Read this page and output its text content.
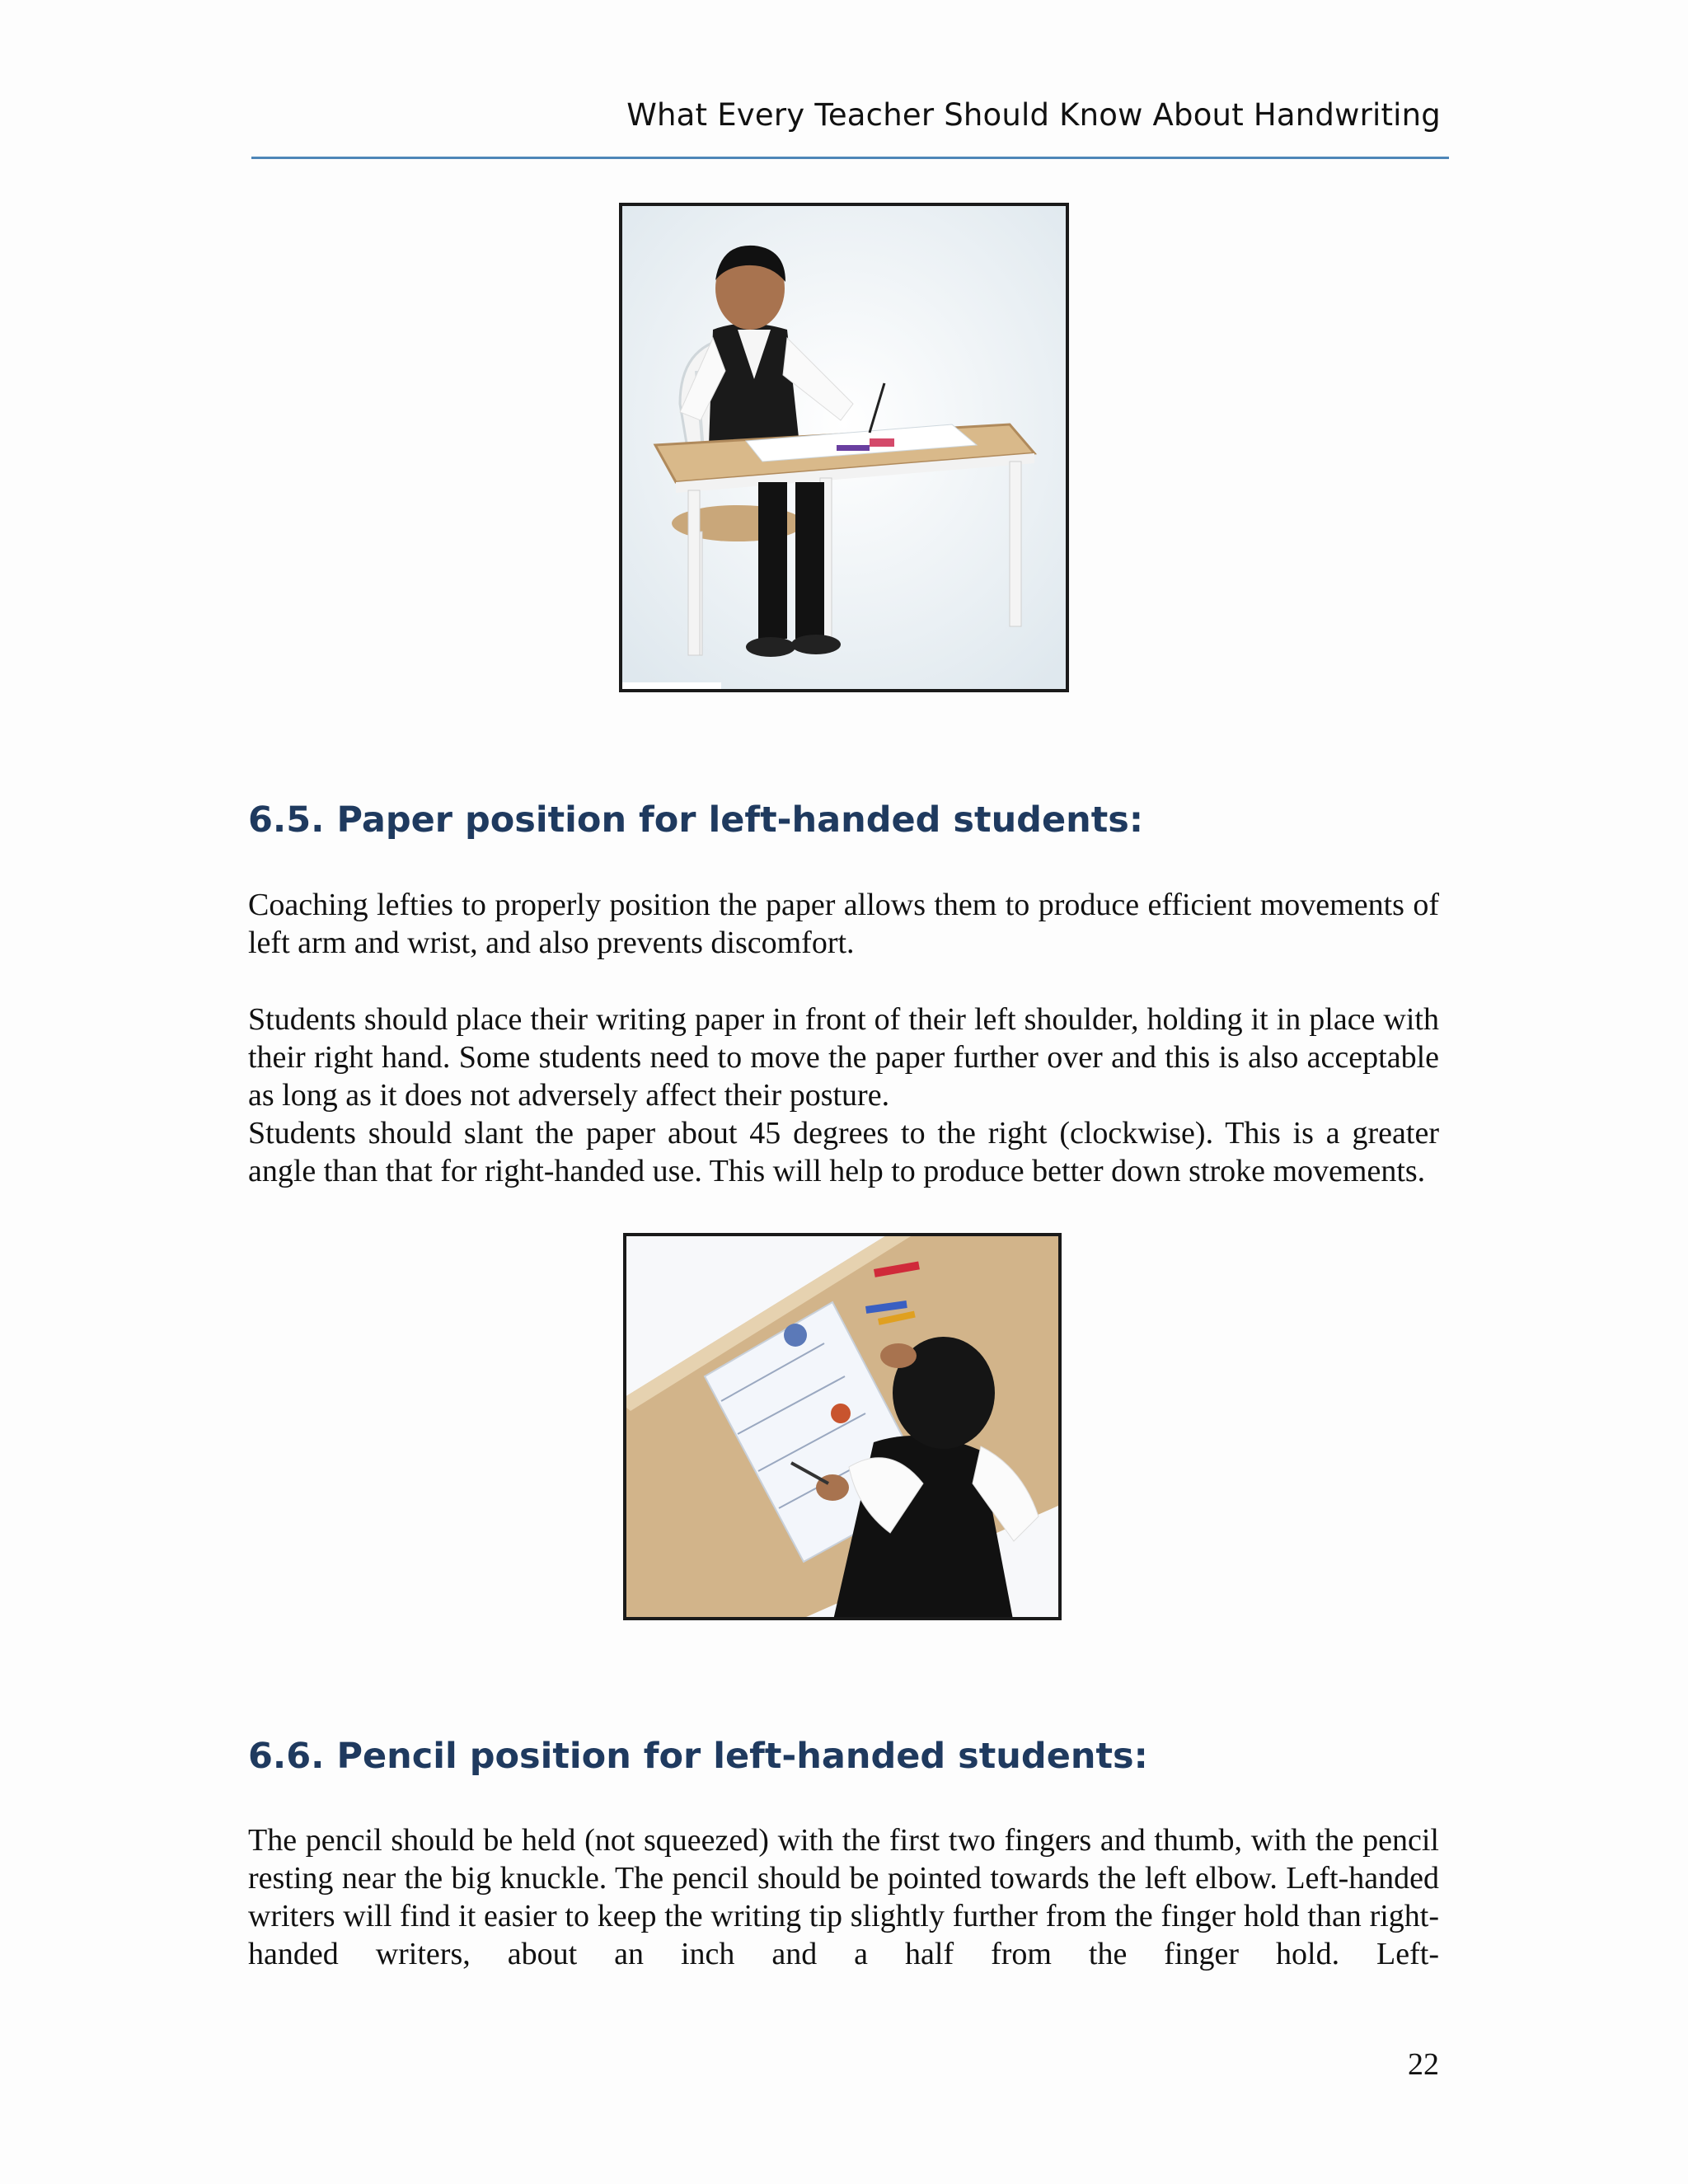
What Every Teacher Should Know About Handwriting
6.5. Paper position for left-handed students:

Coaching lefties to properly position the paper allows them to produce efficient movements of left arm and wrist, and also prevents discomfort.

Students should place their writing paper in front of their left shoulder, holding it in place with their right hand. Some students need to move the paper further over and this is also acceptable as long as it does not adversely affect their posture.

Students should slant the paper about 45 degrees to the right (clockwise). This is a greater angle than that for right-handed use. This will help to produce better down stroke movements.

6.6. Pencil position for left-handed students:

The pencil should be held (not squeezed) with the first two fingers and thumb, with the pencil resting near the big knuckle. The pencil should be pointed towards the left elbow. Left-handed writers will find it easier to keep the writing tip slightly further from the finger hold than right-handed writers, about an inch and a half from the finger hold. Left-

22
